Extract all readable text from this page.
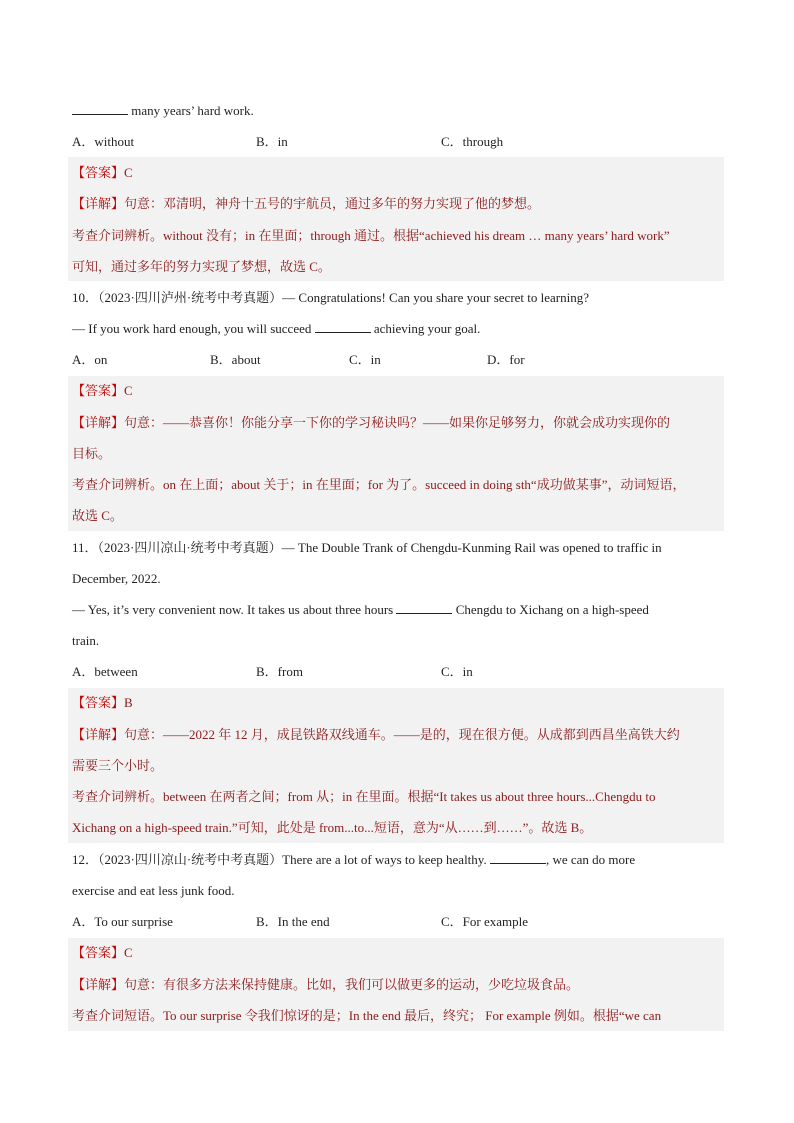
many years’ hard work.
A．without	B．in	C．through
【答案】C
【详解】句意：邓清明，神舟十五号的宇航员，通过多年的努力实现了他的梦想。
考查介词辨析。without 没有；in 在里面；through 通过。根据“achieved his dream … many years’ hard work”
可知，通过多年的努力实现了梦想，故选 C。
10．（2023·四川泸州·统考中考真题）— Congratulations! Can you share your secret to learning?
— If you work hard enough, you will succeed	achieving your goal.
A．on	B．about	C．in	D．for
【答案】C
【详解】句意：——恭喜你！你能分享一下你的学习秘诀吗？——如果你足够努力，你就会成功实现你的
目标。
考查介词辨析。on 在上面；about 关于；in 在里面；for 为了。succeed in doing sth“成功做某事”，动词短语，
故选 C。
11．（2023·四川凉山·统考中考真题）— The Double Trank of Chengdu-Kunming Rail was opened to traffic in
December, 2022.
— Yes, it’s very convenient now. It takes us about three hours	Chengdu to Xichang on a high-speed
train.
A．between	B．from	C．in
【答案】B
【详解】句意：——2022 年 12 月，成昆铁路双线通车。——是的，现在很方便。从成都到西昌坐高铁大约
需要三个小时。
考查介词辨析。between 在两者之间；from 从；in 在里面。根据“It takes us about three hours...Chengdu to
Xichang on a high-speed train.”可知，此处是 from...to...短语，意为“从……到……”。故选 B。
12．（2023·四川凉山·统考中考真题）There are a lot of ways to keep healthy.	, we can do more
exercise and eat less junk food.
A．To our surprise	B．In the end	C．For example
【答案】C
【详解】句意：有很多方法来保持健康。比如，我们可以做更多的运动，少吃垃圾食品。
考查介词短语。To our surprise 令我们惊讶的是；In the end 最后，终究； For example 例如。根据“we can
